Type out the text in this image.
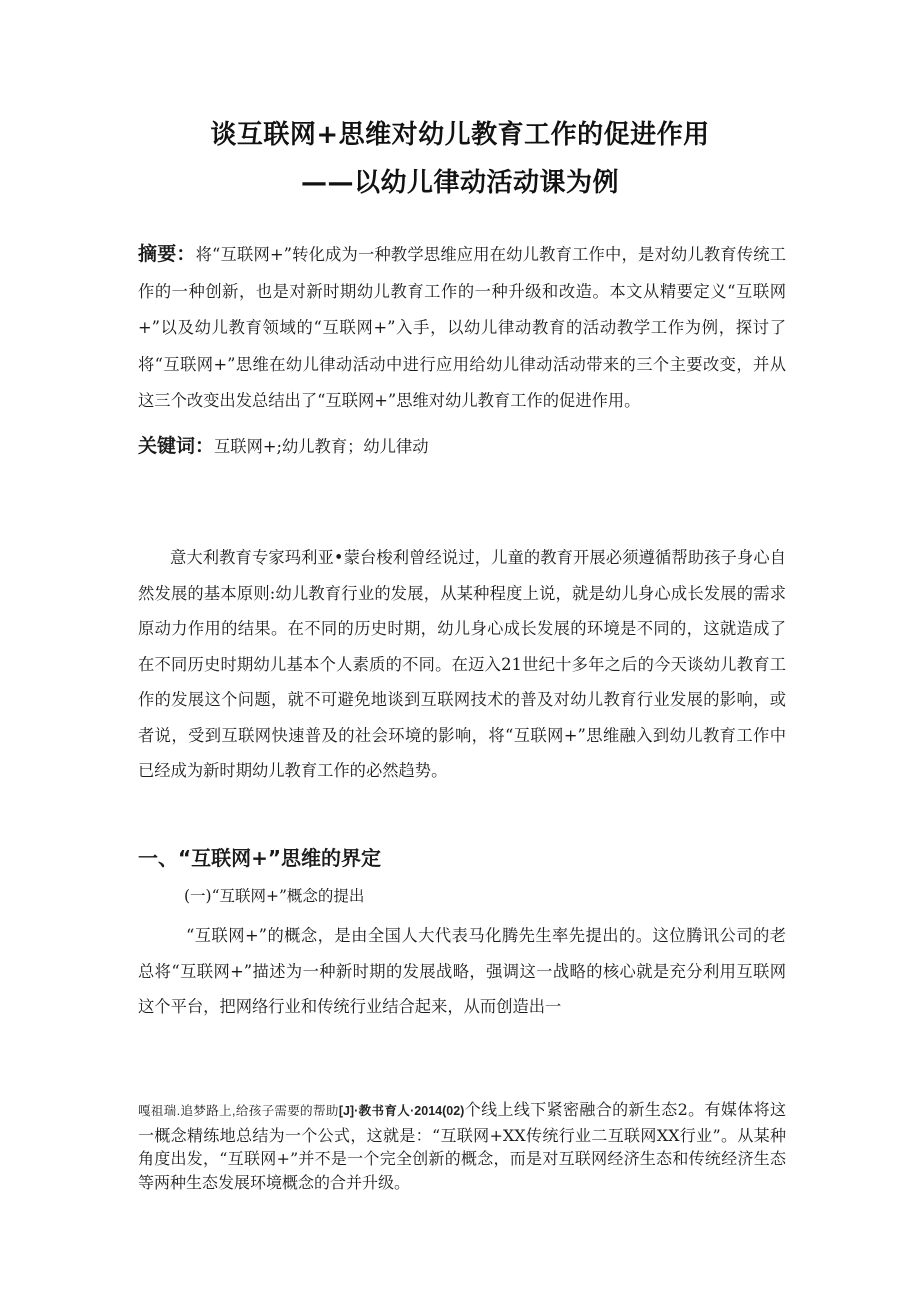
谈互联网+思维对幼儿教育工作的促进作用
——以幼儿律动活动课为例
摘要：将“互联网+”转化成为一种教学思维应用在幼儿教育工作中，是对幼儿教育传统工作的一种创新，也是对新时期幼儿教育工作的一种升级和改造。本文从精要定义“互联网+”以及幼儿教育领域的“互联网+”入手，以幼儿律动教育的活动教学工作为例，探讨了将“互联网+”思维在幼儿律动活动中进行应用给幼儿律动活动带来的三个主要改变，并从这三个改变出发总结出了“互联网+”思维对幼儿教育工作的促进作用。
关键词：互联网+;幼儿教育；幼儿律动
意大利教育专家玛利亚•蒙台梭利曾经说过，儿童的教育开展必须遵循帮助孩子身心自然发展的基本原则:幼儿教育行业的发展，从某种程度上说，就是幼儿身心成长发展的需求原动力作用的结果。在不同的历史时期，幼儿身心成长发展的环境是不同的，这就造成了在不同历史时期幼儿基本个人素质的不同。在迈入21世纪十多年之后的今天谈幼儿教育工作的发展这个问题，就不可避免地谈到互联网技术的普及对幼儿教育行业发展的影响，或者说，受到互联网快速普及的社会环境的影响，将“互联网+”思维融入到幼儿教育工作中已经成为新时期幼儿教育工作的必然趋势。
一、“互联网+”思维的界定
(一)“互联网+”概念的提出
“互联网+”的概念，是由全国人大代表马化腾先生率先提出的。这位腾讯公司的老总将“互联网+”描述为一种新时期的发展战略，强调这一战略的核心就是充分利用互联网这个平台，把网络行业和传统行业结合起来，从而创造出一
嘎祖瑞.追梦路上,给孩子需要的帮助[J]·教书育人·2014(02)个线上线下紧密融合的新生态2。有媒体将这一概念精练地总结为一个公式，这就是：“互联网+XX传统行业二互联网XX行业”。从某种角度出发，“互联网+”并不是一个完全创新的概念，而是对互联网经济生态和传统经济生态等两种生态发展环境概念的合并升级。
